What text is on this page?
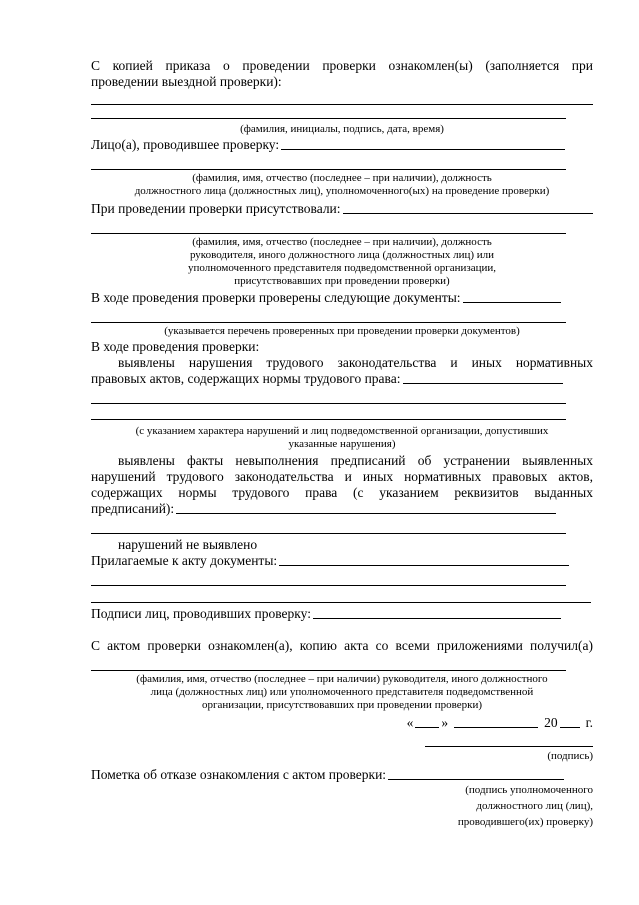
С копией приказа о проведении проверки ознакомлен(ы) (заполняется при

проведении выездной проверки):

(фамилия, инициалы, подпись, дата, время)

Лицо(а), проводившее проверку:

(фамилия, имя, отчество (последнее – при наличии), должность

должностного лица (должностных лиц), уполномоченного(ых) на проведение проверки)

При проведении проверки присутствовали:

(фамилия, имя, отчество (последнее – при наличии), должность

руководителя, иного должностного лица (должностных лиц) или

уполномоченного представителя подведомственной организации,

присутствовавших при проведении проверки)

В ходе проведения проверки проверены следующие документы:

(указывается перечень проверенных при проведении проверки документов)

В ходе проведения проверки:

выявлены нарушения трудового законодательства и иных нормативных

правовых актов, содержащих нормы трудового права:

(с указанием характера нарушений и лиц подведомственной организации, допустивших

указанные нарушения)

выявлены факты невыполнения предписаний об устранении выявленных

нарушений трудового законодательства и иных нормативных правовых актов,

содержащих нормы трудового права (с указанием реквизитов выданных

предписаний):

нарушений не выявлено

Прилагаемые к акту документы:
Подписи лиц, проводивших проверку:

С актом проверки ознакомлен(а), копию акта со всеми приложениями получил(а)

(фамилия, имя, отчество (последнее – при наличии) руководителя, иного должностного

лица (должностных лиц) или уполномоченного представителя подведомственной

организации, присутствовавших при проведении проверки)

« »	20 г.

(подпись)

Пометка об отказе ознакомления с актом проверки:

(подпись уполномоченного

должностного лиц (лиц),

проводившего(их) проверку)
